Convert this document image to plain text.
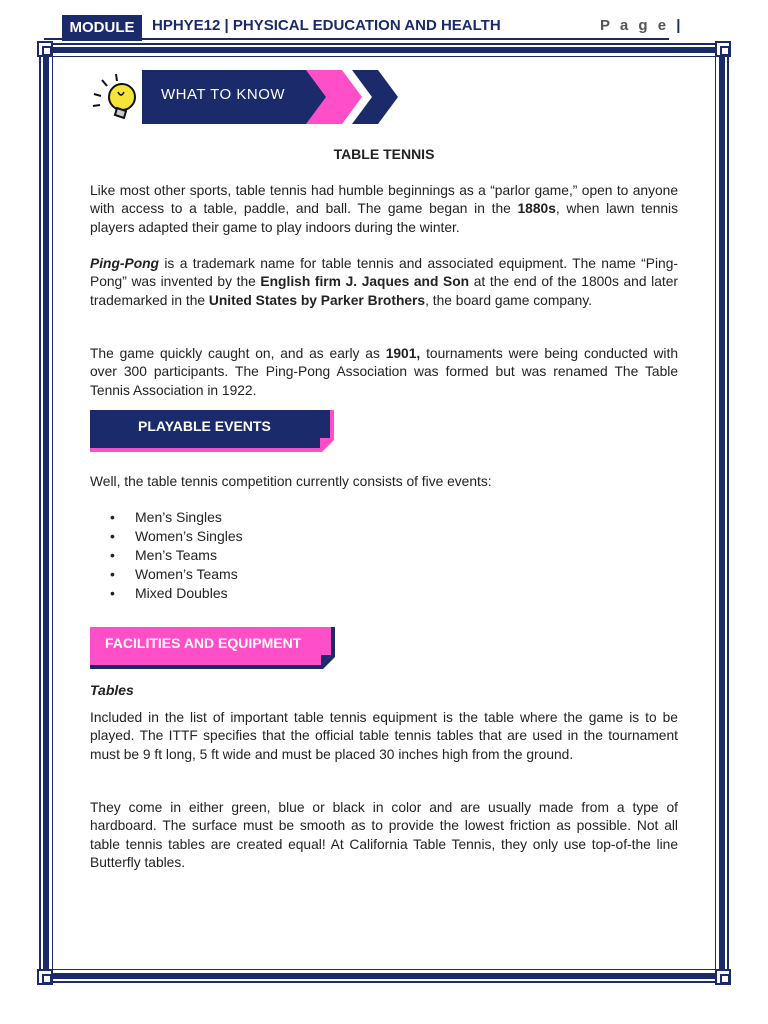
MODULE	HPHYE12 | PHYSICAL EDUCATION AND HEALTH	P a g e |
WHAT TO KNOW
TABLE TENNIS
Like most other sports, table tennis had humble beginnings as a “parlor game,” open to anyone with access to a table, paddle, and ball. The game began in the 1880s, when lawn tennis players adapted their game to play indoors during the winter.
Ping-Pong is a trademark name for table tennis and associated equipment. The name “Ping-Pong” was invented by the English firm J. Jaques and Son at the end of the 1800s and later trademarked in the United States by Parker Brothers, the board game company.
The game quickly caught on, and as early as 1901, tournaments were being conducted with over 300 participants. The Ping-Pong Association was formed but was renamed The Table Tennis Association in 1922.
PLAYABLE EVENTS
Well, the table tennis competition currently consists of five events:
• Men’s Singles
• Women’s Singles
• Men’s Teams
• Women’s Teams
• Mixed Doubles
FACILITIES AND EQUIPMENT
Tables
Included in the list of important table tennis equipment is the table where the game is to be played. The ITTF specifies that the official table tennis tables that are used in the tournament must be 9 ft long, 5 ft wide and must be placed 30 inches high from the ground.
They come in either green, blue or black in color and are usually made from a type of hardboard. The surface must be smooth as to provide the lowest friction as possible. Not all table tennis tables are created equal! At California Table Tennis, they only use top-of-the line Butterfly tables.
